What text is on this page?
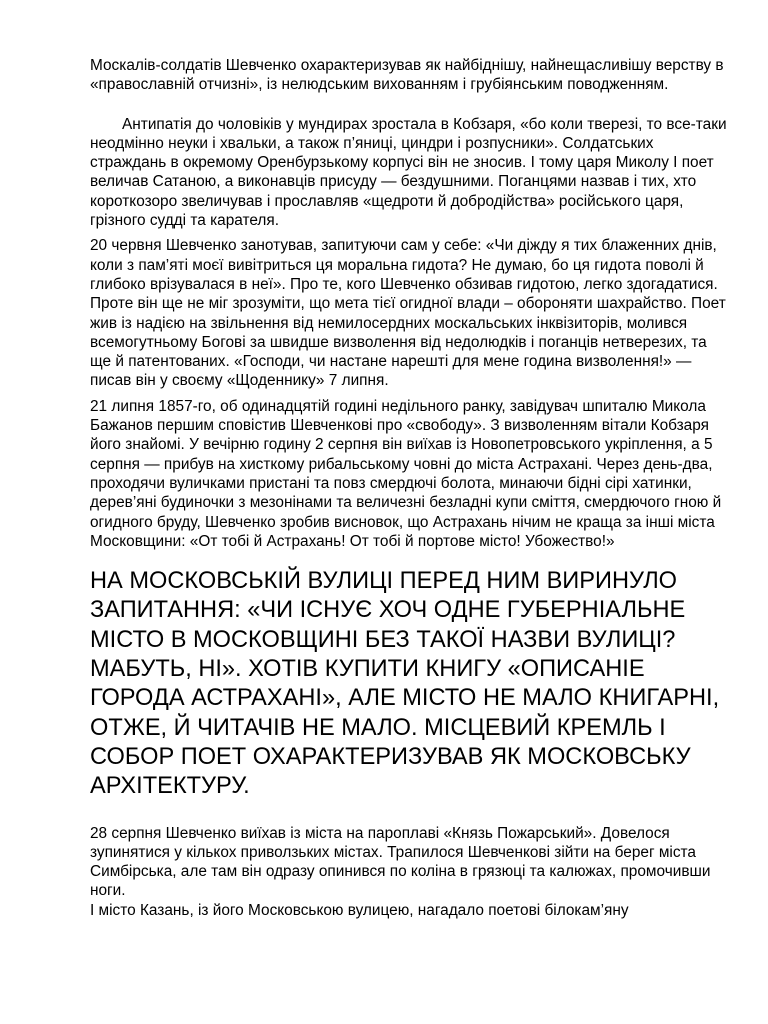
Москалів-солдатів Шевченко охарактеризував як найбіднішу, найнещасливішу верству в «православній отчизні», із нелюдським вихованням і грубіянським поводженням.

Антипатія до чоловіків у мундирах зростала в Кобзаря, «бо коли тверезі, то все-таки неодмінно неуки і хвальки, а також п’яниці, циндри і розпусники». Солдатських страждань в окремому Оренбурзькому корпусі він не зносив. І тому царя Миколу І поет величав Сатаною, а виконавців присуду — бездушними. Поганцями назвав і тих, хто короткозоро звеличував і прославляв «щедроти й добродійства» російського царя, грізного судді та карателя.

20 червня Шевченко занотував, запитуючи сам у себе: «Чи дiжду я тих блаженних днiв, коли з пам’ятi моєї вивітриться ця моральна гидота? Не думаю, бо ця гидота поволі й глибоко врізувалася в неї». Про те, кого Шевченко обзивав гидотою, легко здогадатися. Проте він ще не міг зрозуміти, що мета тієї огидної влади – обороняти шахрайство. Поет жив із надією на звільнення від немилосердних москальських інквізиторів, молився всемогутньому Богові за швидше визволення від недолюдків і поганців нетверезих, та ще й патентованих. «Господи, чи настане нарешті для мене година визволення!» — писав він у своєму «Щоденнику» 7 липня.

21 липня 1857-го, об одинадцятій годині недільного ранку, завідувач шпиталю Микола Бажанов першим сповістив Шевченкові про «свободу». З визволенням вітали Кобзаря його знайомі. У вечірню годину 2 серпня він виїхав із Новопетровського укріплення, а 5 серпня — прибув на хисткому рибальському човні до міста Астрахані. Через день-два, проходячи вуличками пристані та повз смердючі болота, минаючи бідні сірі хатинки, дерев’яні будиночки з мезонінами та величезні безладні купи сміття, смердючого гною й огидного бруду, Шевченко зробив висновок, що Астрахань нічим не краща за інші міста Московщини: «От тобі й Астрахань! От тобі й портове місто! Убожество!»

НА МОСКОВСЬКІЙ ВУЛИЦІ ПЕРЕД НИМ ВИРИНУЛО ЗАПИТАННЯ: «ЧИ ІСНУЄ ХОЧ ОДНЕ ГУБЕРНІАЛЬНЕ МІСТО В МОСКОВЩИНІ БЕЗ ТАКОЇ НАЗВИ ВУЛИЦІ? МАБУТЬ, НІ». ХОТІВ КУПИТИ КНИГУ «ОПИСАНІЕ ГОРОДА АСТРАХАНІ», АЛЕ МІСТО НЕ МАЛО КНИГАРНІ, ОТЖЕ, Й ЧИТАЧІВ НЕ МАЛО. МІСЦЕВИЙ КРЕМЛЬ І СОБОР ПОЕТ ОХАРАКТЕРИЗУВАВ ЯК МОСКОВСЬКУ АРХІТЕКТУРУ.

28 серпня Шевченко виїхав із міста на пароплаві «Князь Пожарський». Довелося зупинятися у кількох приволзьких містах. Трапилося Шевченкові зійти на берег міста Симбірська, але там він одразу опинився по коліна в грязюці та калюжах, промочивши ноги.

І місто Казань, із його Московською вулицею, нагадало поетові білокам’яну
